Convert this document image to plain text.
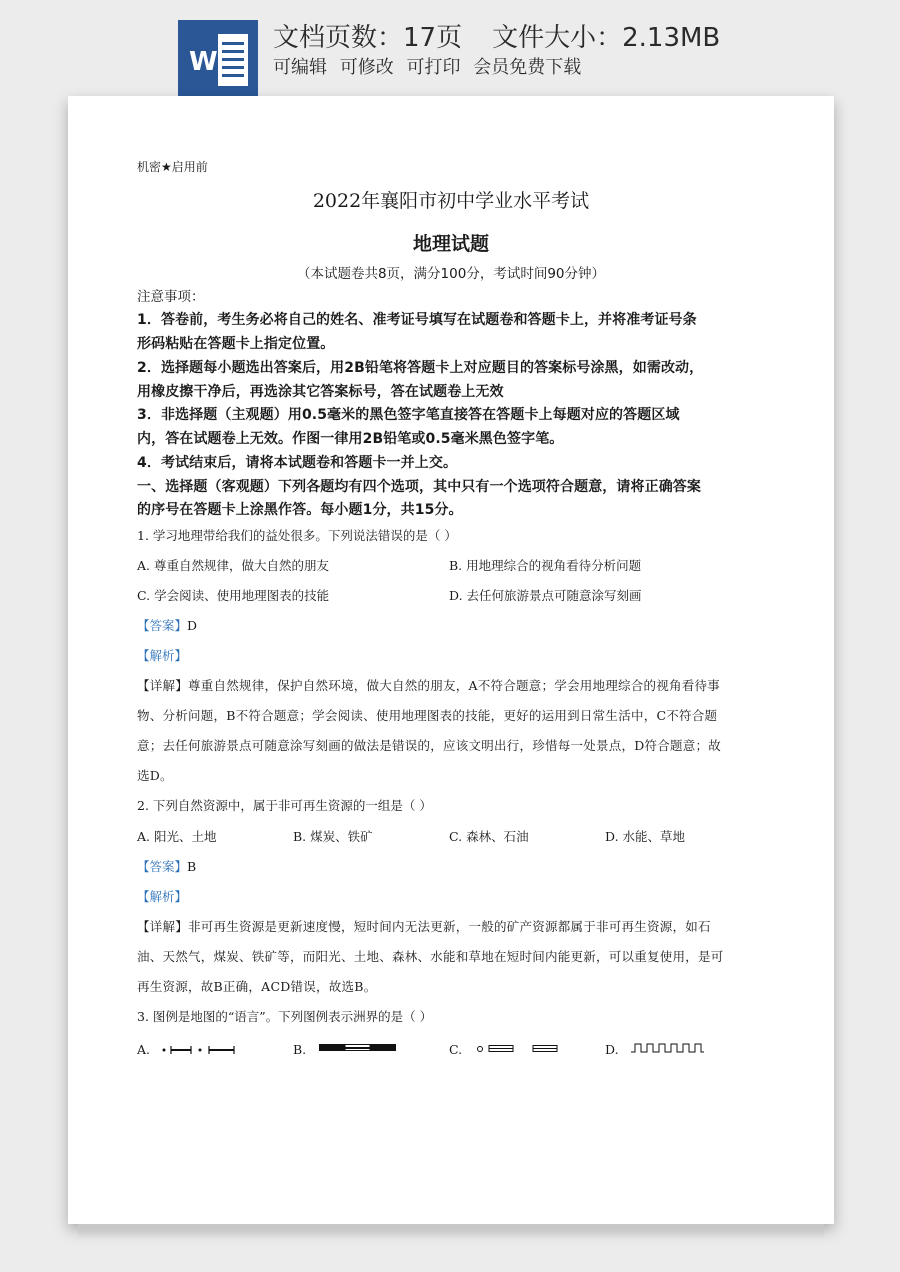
W
文档页数：17页 文件大小：2.13MB
可编辑 可修改 可打印 会员免费下载
机密★启用前
2022年襄阳市初中学业水平考试
地理试题
（本试题卷共8页，满分100分，考试时间90分钟）
注意事项：
1．答卷前，考生务必将自己的姓名、准考证号填写在试题卷和答题卡上，并将准考证号条
形码粘贴在答题卡上指定位置。
2．选择题每小题选出答案后，用2B铅笔将答题卡上对应题目的答案标号涂黑，如需改动，
用橡皮擦干净后，再选涂其它答案标号，答在试题卷上无效
3．非选择题（主观题）用0.5毫米的黑色签字笔直接答在答题卡上每题对应的答题区域
内，答在试题卷上无效。作图一律用2B铅笔或0.5毫米黑色签字笔。
4．考试结束后，请将本试题卷和答题卡一并上交。
一、选择题（客观题）下列各题均有四个选项，其中只有一个选项符合题意，请将正确答案
的序号在答题卡上涂黑作答。每小题1分，共15分。
1. 学习地理带给我们的益处很多。下列说法错误的是（ ）
A. 尊重自然规律，做大自然的朋友	B. 用地理综合的视角看待分析问题
C. 学会阅读、使用地理图表的技能	D. 去任何旅游景点可随意涂写刻画
【答案】D
【解析】
【详解】尊重自然规律，保护自然环境，做大自然的朋友，A不符合题意；学会用地理综合的视角看待事
物、分析问题，B不符合题意；学会阅读、使用地理图表的技能，更好的运用到日常生活中，C不符合题
意；去任何旅游景点可随意涂写刻画的做法是错误的，应该文明出行，珍惜每一处景点，D符合题意；故
选D。
2. 下列自然资源中，属于非可再生资源的一组是（ ）
A. 阳光、土地	B. 煤炭、铁矿	C. 森林、石油	D. 水能、草地
【答案】B
【解析】
【详解】非可再生资源是更新速度慢，短时间内无法更新，一般的矿产资源都属于非可再生资源，如石
油、天然气，煤炭、铁矿等，而阳光、土地、森林、水能和草地在短时间内能更新，可以重复使用，是可
再生资源，故B正确，ACD错误，故选B。
3. 图例是地图的“语言”。下列图例表示洲界的是（ ）
A.	B.	C.	D.
